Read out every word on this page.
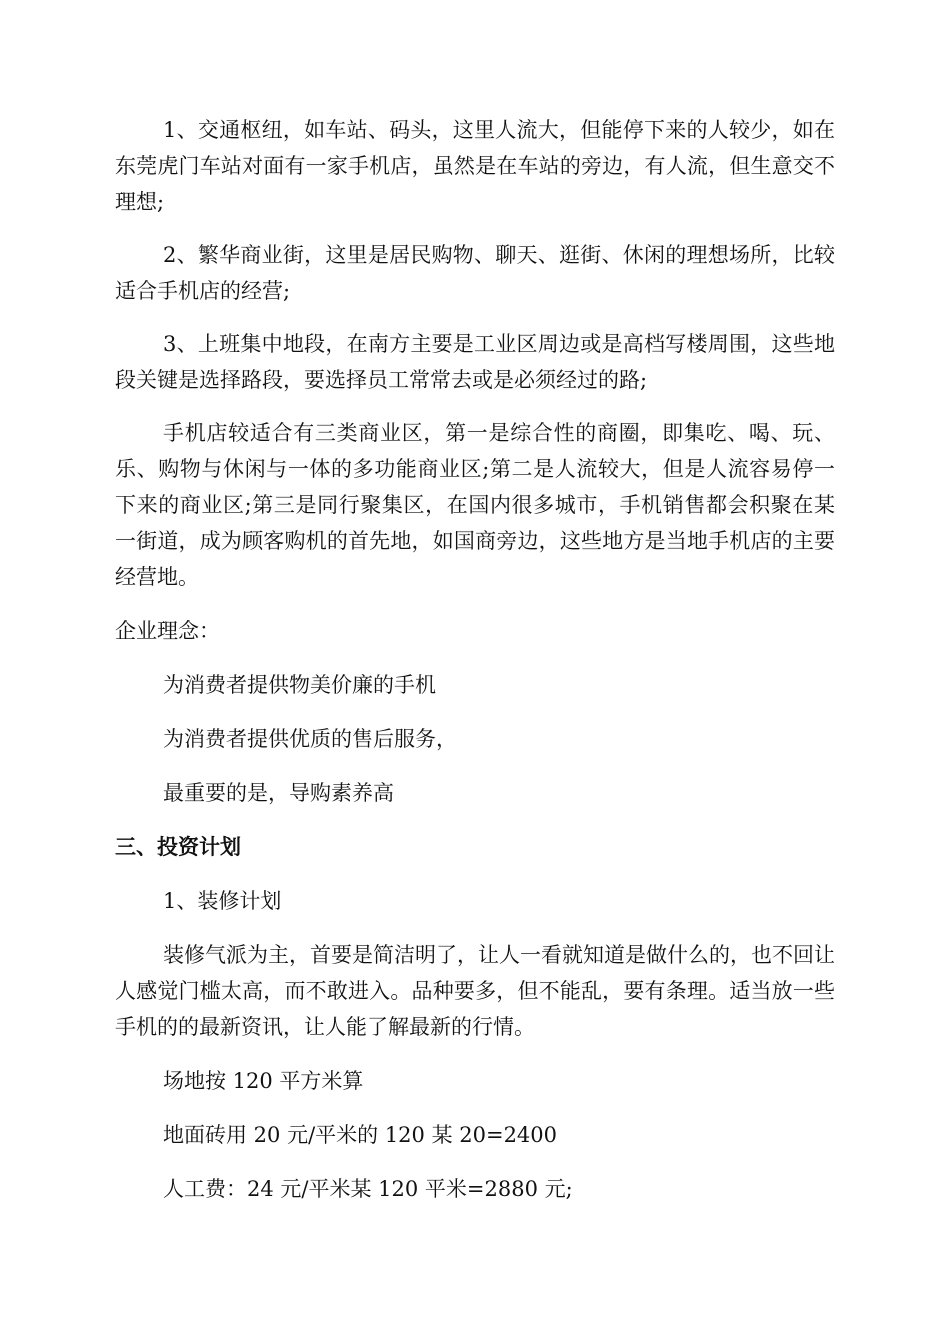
1、交通枢纽，如车站、码头，这里人流大，但能停下来的人较少，如在东莞虎门车站对面有一家手机店，虽然是在车站的旁边，有人流，但生意交不理想;

2、繁华商业街，这里是居民购物、聊天、逛街、休闲的理想场所，比较适合手机店的经营;

3、上班集中地段，在南方主要是工业区周边或是高档写楼周围，这些地段关键是选择路段，要选择员工常常去或是必须经过的路;

手机店较适合有三类商业区，第一是综合性的商圈，即集吃、喝、玩、乐、购物与休闲与一体的多功能商业区;第二是人流较大，但是人流容易停一下来的商业区;第三是同行聚集区，在国内很多城市，手机销售都会积聚在某一街道，成为顾客购机的首先地，如国商旁边，这些地方是当地手机店的主要经营地。

企业理念：

为消费者提供物美价廉的手机

为消费者提供优质的售后服务，

最重要的是，导购素养高

三、投资计划

1、装修计划

装修气派为主，首要是简洁明了，让人一看就知道是做什么的，也不回让人感觉门槛太高，而不敢进入。品种要多，但不能乱，要有条理。适当放一些手机的的最新资讯，让人能了解最新的行情。

场地按 120 平方米算

地面砖用 20 元/平米的 120 某 20=2400

人工费：24 元/平米某 120 平米=2880 元;
